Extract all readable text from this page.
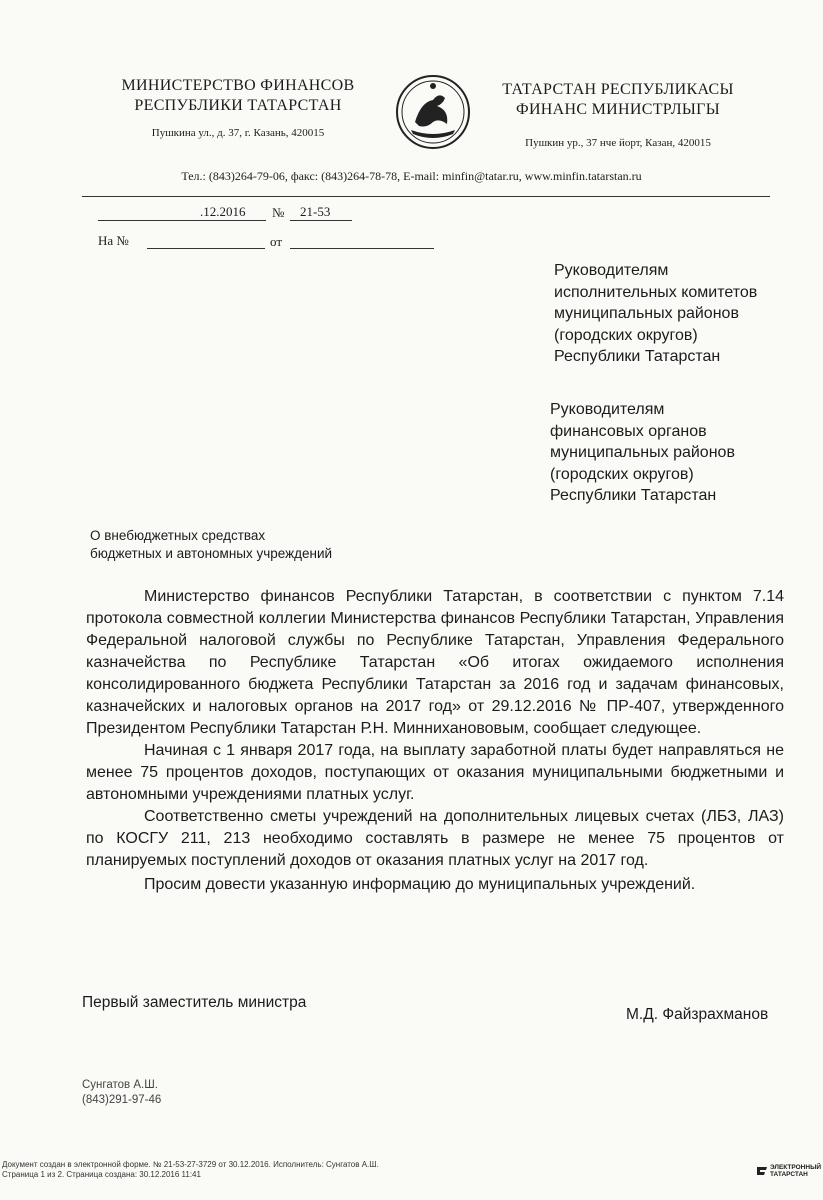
МИНИСТЕРСТВО ФИНАНСОВ
РЕСПУБЛИКИ ТАТАРСТАН
Пушкина ул., д. 37, г. Казань, 420015
ТАТАРСТАН РЕСПУБЛИКАСЫ
ФИНАНС МИНИСТРЛЫГЫ
Пушкин ур., 37 нче йорт, Казан, 420015
Тел.: (843)264-79-06, факс: (843)264-78-78, E-mail: minfin@tatar.ru, www.minfin.tatarstan.ru
.12.2016 № 21-53
На №	от
Руководителям
исполнительных комитетов
муниципальных районов
(городских округов)
Республики Татарстан
Руководителям
финансовых органов
муниципальных районов
(городских округов)
Республики Татарстан
О внебюджетных средствах
бюджетных и автономных учреждений

Министерство финансов Республики Татарстан, в соответствии с пунктом 7.14 протокола совместной коллегии Министерства финансов Республики Татарстан, Управления Федеральной налоговой службы по Республике Татарстан, Управления Федерального казначейства по Республике Татарстан «Об итогах ожидаемого исполнения консолидированного бюджета Республики Татарстан за 2016 год и задачам финансовых, казначейских и налоговых органов на 2017 год» от 29.12.2016 № ПР-407, утвержденного Президентом Республики Татарстан Р.Н. Минниханововым, сообщает следующее.

Начиная с 1 января 2017 года, на выплату заработной платы будет направляться не менее 75 процентов доходов, поступающих от оказания муниципальными бюджетными и автономными учреждениями платных услуг.

Соответственно сметы учреждений на дополнительных лицевых счетах (ЛБЗ, ЛАЗ) по КОСГУ 211, 213 необходимо составлять в размере не менее 75 процентов от планируемых поступлений доходов от оказания платных услуг на 2017 год.

Просим довести указанную информацию до муниципальных учреждений.

Первый заместитель министра
М.Д. Файзрахманов
Сунгатов А.Ш.
(843)291-97-46
Документ создан в электронной форме. № 21-53-27-3729 от 30.12.2016. Исполнитель: Сунгатов А.Ш.
Страница 1 из 2. Страница создана: 30.12.2016 11:41
ЭЛЕКТРОННЫЙ
ТАТАРСТАН
